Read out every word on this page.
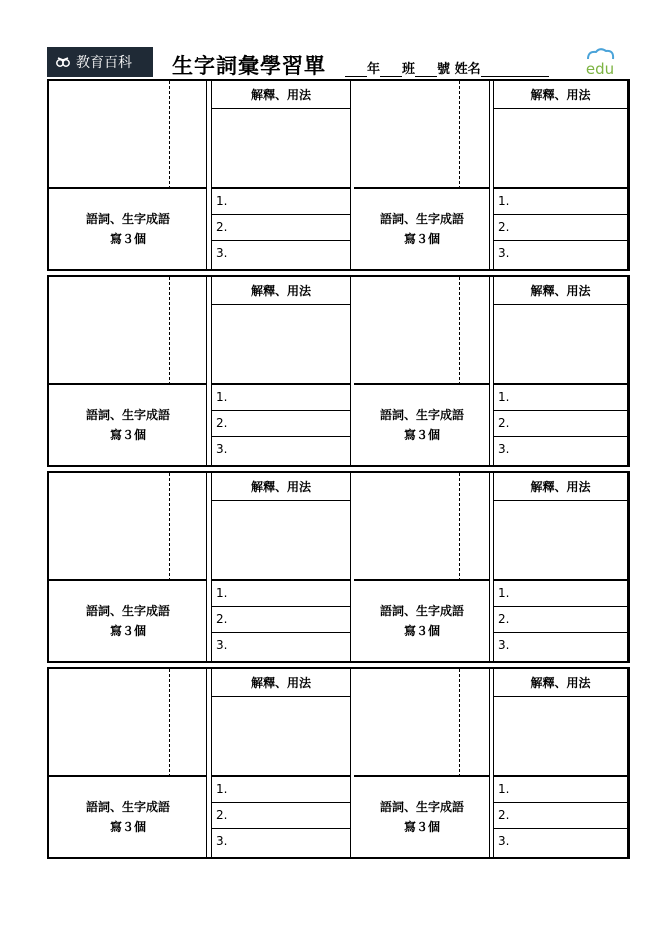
教育百科 生字詞彙學習單	年 班 號 姓名	edu
語詞、生字成語
寫３個
解釋、用法
1.
2.
3.
語詞、生字成語
寫３個
解釋、用法
1.
2.
3.
語詞、生字成語
寫３個
解釋、用法
1.
2.
3.
語詞、生字成語
寫３個
解釋、用法
1.
2.
3.
語詞、生字成語
寫３個
解釋、用法
1.
2.
3.
語詞、生字成語
寫３個
解釋、用法
1.
2.
3.
語詞、生字成語
寫３個
解釋、用法
1.
2.
3.
語詞、生字成語
寫３個
解釋、用法
1.
2.
3.
